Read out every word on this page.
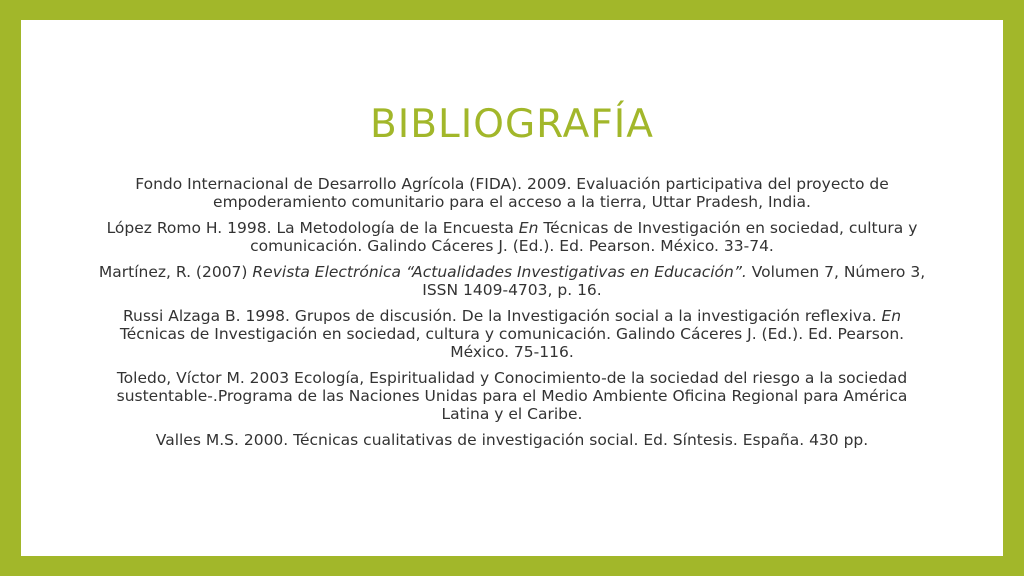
BIBLIOGRAFÍA

Fondo Internacional de Desarrollo Agrícola (FIDA). 2009. Evaluación participativa del proyecto de empoderamiento comunitario para el acceso a la tierra, Uttar Pradesh, India.

López Romo H. 1998. La Metodología de la Encuesta En Técnicas de Investigación en sociedad, cultura y comunicación. Galindo Cáceres J. (Ed.). Ed. Pearson. México. 33-74.

Martínez, R. (2007) Revista Electrónica “Actualidades Investigativas en Educación”. Volumen 7, Número 3, ISSN 1409-4703, p. 16.

Russi Alzaga B. 1998. Grupos de discusión. De la Investigación social a la investigación reflexiva. En Técnicas de Investigación en sociedad, cultura y comunicación. Galindo Cáceres J. (Ed.). Ed. Pearson. México. 75-116.

Toledo, Víctor M. 2003 Ecología, Espiritualidad y Conocimiento-de la sociedad del riesgo a la sociedad sustentable-.Programa de las Naciones Unidas para el Medio Ambiente Oficina Regional para América Latina y el Caribe.

Valles M.S. 2000. Técnicas cualitativas de investigación social. Ed. Síntesis. España. 430 pp.
